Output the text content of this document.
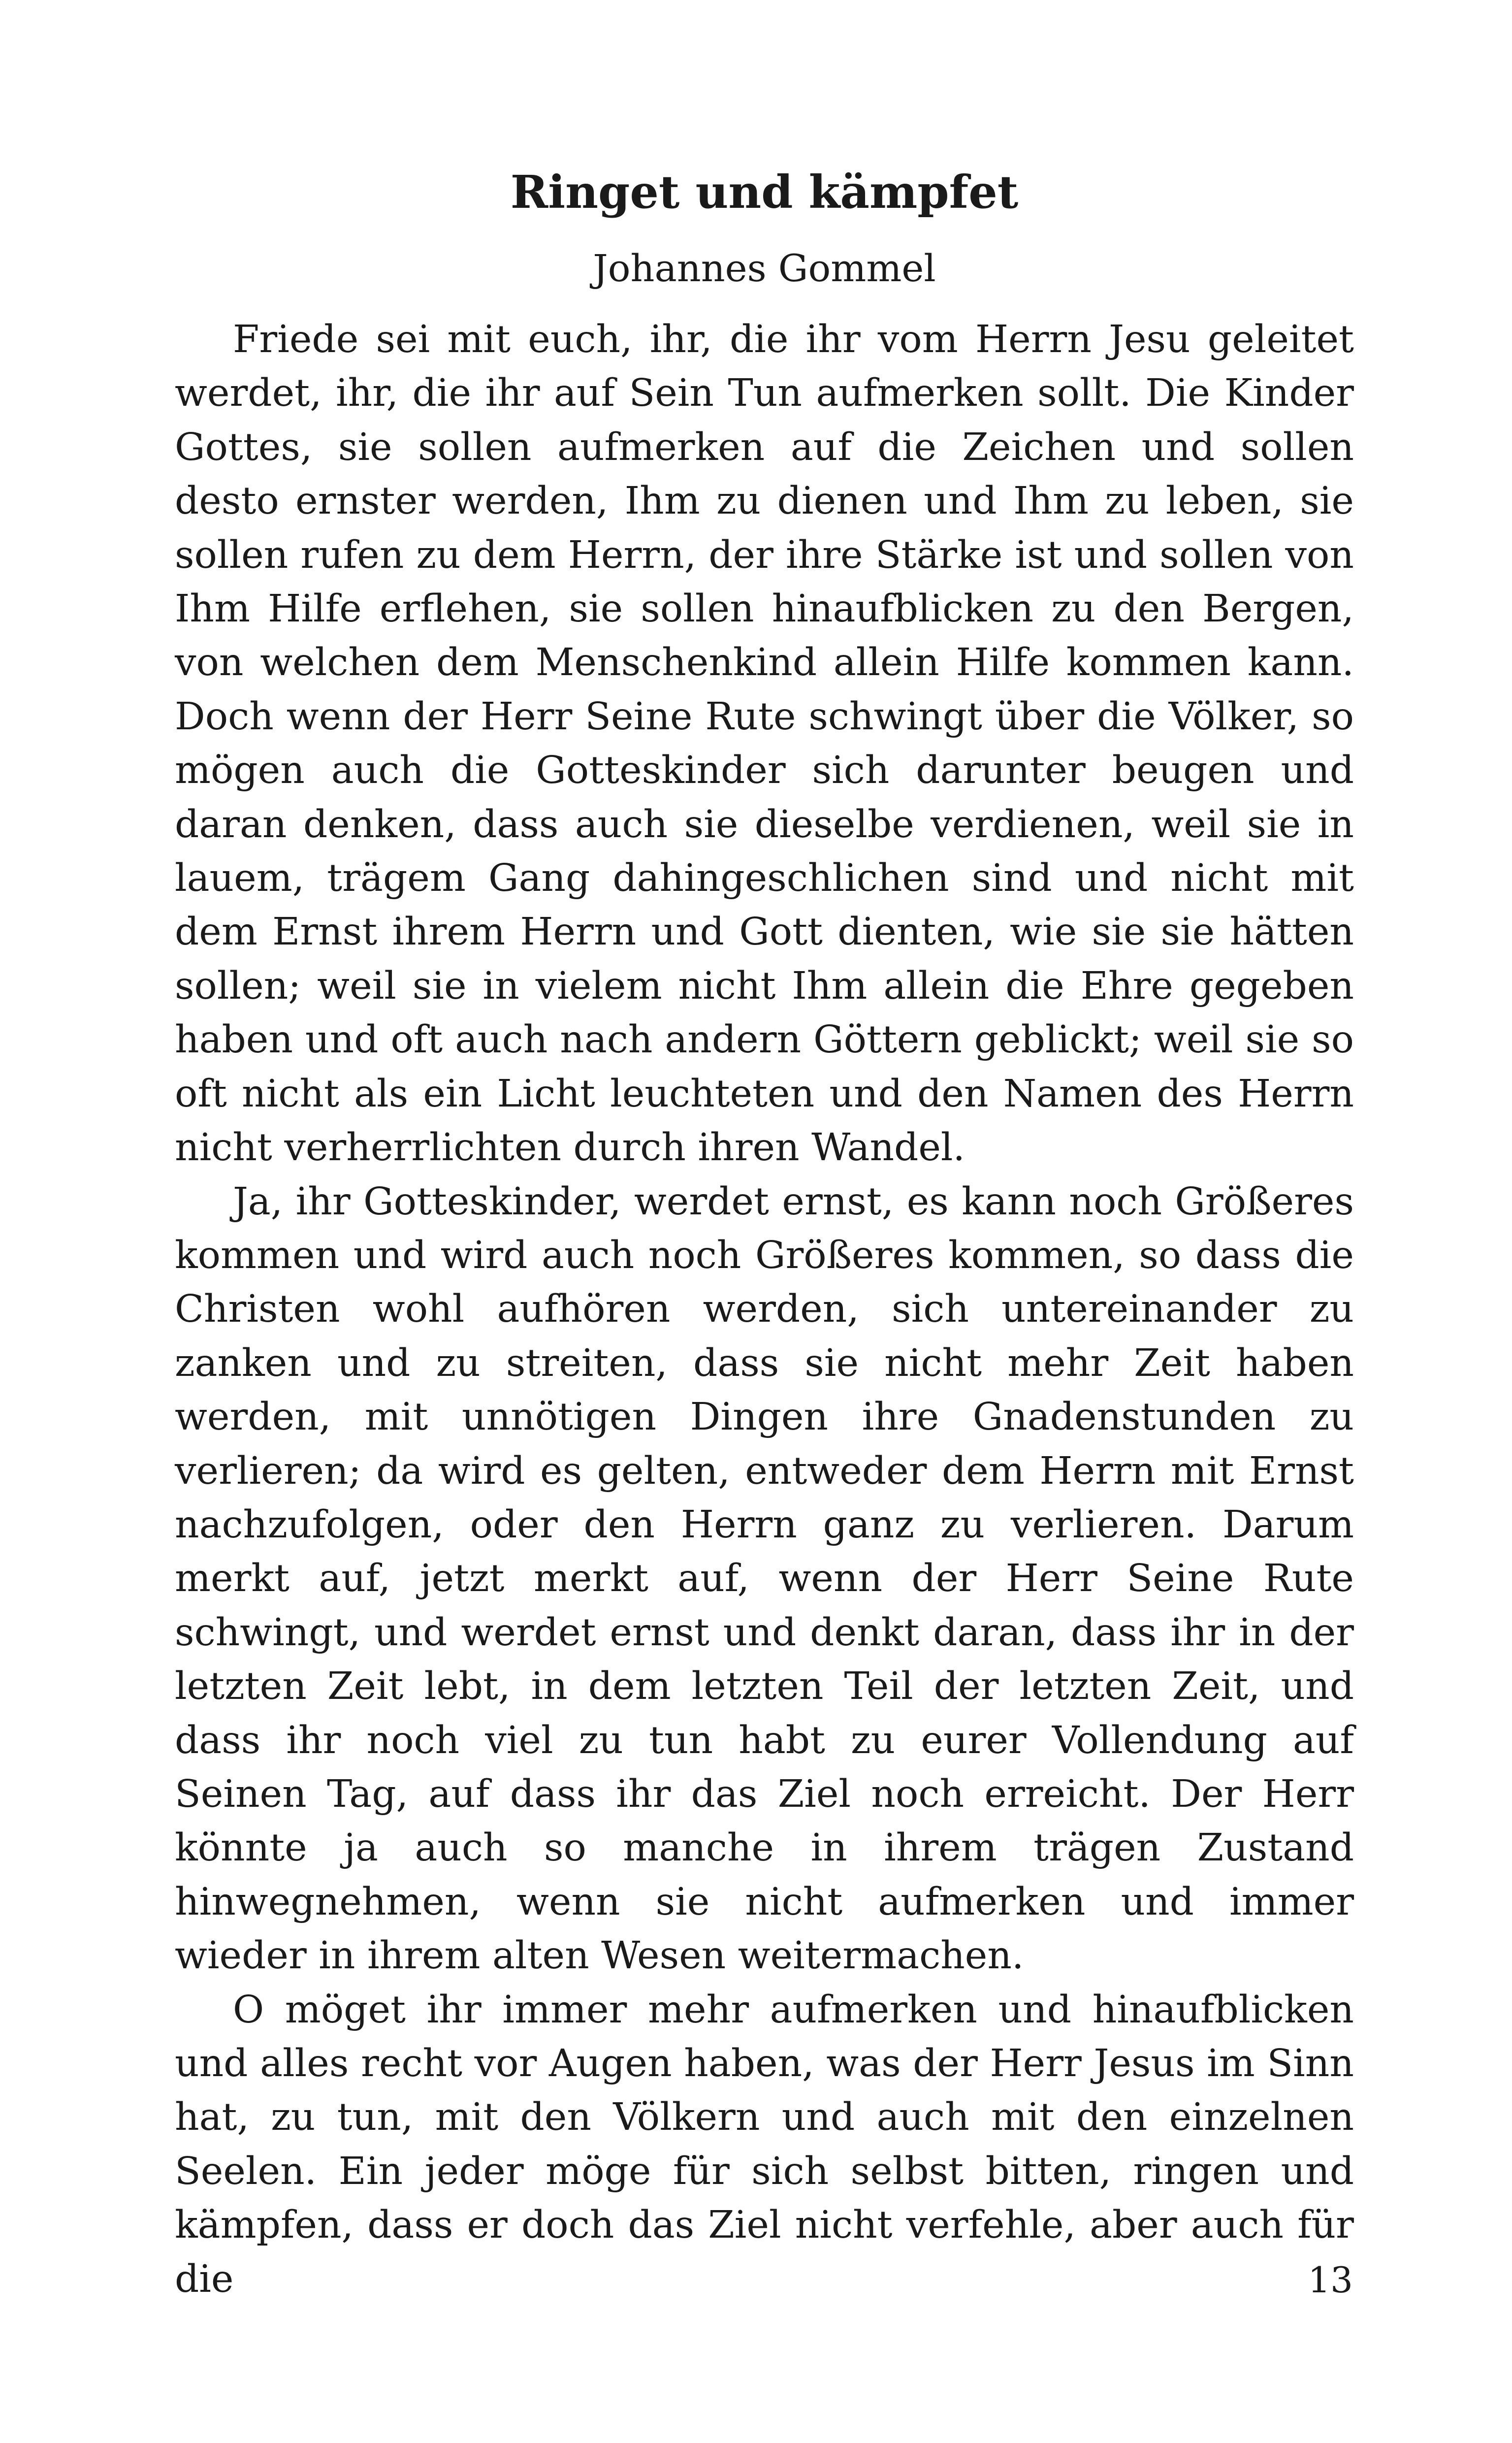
Ringet und kämpfet
Johannes Gommel

Friede sei mit euch, ihr, die ihr vom Herrn Jesu geleitet werdet, ihr, die ihr auf Sein Tun aufmerken sollt. Die Kinder Gottes, sie sollen aufmerken auf die Zeichen und sollen desto ernster werden, Ihm zu dienen und Ihm zu leben, sie sollen rufen zu dem Herrn, der ihre Stärke ist und sollen von Ihm Hilfe erflehen, sie sollen hinaufblicken zu den Bergen, von welchen dem Menschenkind allein Hilfe kommen kann. Doch wenn der Herr Seine Rute schwingt über die Völker, so mögen auch die Gotteskinder sich darunter beugen und daran denken, dass auch sie dieselbe verdienen, weil sie in lauem, trägem Gang dahingeschlichen sind und nicht mit dem Ernst ihrem Herrn und Gott dienten, wie sie sie hätten sollen; weil sie in vielem nicht Ihm allein die Ehre gegeben haben und oft auch nach andern Göttern geblickt; weil sie so oft nicht als ein Licht leuchteten und den Namen des Herrn nicht verherrlichten durch ihren Wandel.

Ja, ihr Gotteskinder, werdet ernst, es kann noch Größeres kommen und wird auch noch Größeres kommen, so dass die Christen wohl aufhören werden, sich untereinander zu zanken und zu streiten, dass sie nicht mehr Zeit haben werden, mit unnötigen Dingen ihre Gnadenstunden zu verlieren; da wird es gelten, entweder dem Herrn mit Ernst nachzufolgen, oder den Herrn ganz zu verlieren. Darum merkt auf, jetzt merkt auf, wenn der Herr Seine Rute schwingt, und werdet ernst und denkt daran, dass ihr in der letzten Zeit lebt, in dem letzten Teil der letzten Zeit, und dass ihr noch viel zu tun habt zu eurer Vollendung auf Seinen Tag, auf dass ihr das Ziel noch erreicht. Der Herr könnte ja auch so manche in ihrem trägen Zustand hinwegnehmen, wenn sie nicht aufmerken und immer wieder in ihrem alten Wesen weitermachen.

O möget ihr immer mehr aufmerken und hinaufblicken und alles recht vor Augen haben, was der Herr Jesus im Sinn hat, zu tun, mit den Völkern und auch mit den einzelnen Seelen. Ein jeder möge für sich selbst bitten, ringen und kämpfen, dass er doch das Ziel nicht verfehle, aber auch für die	13
